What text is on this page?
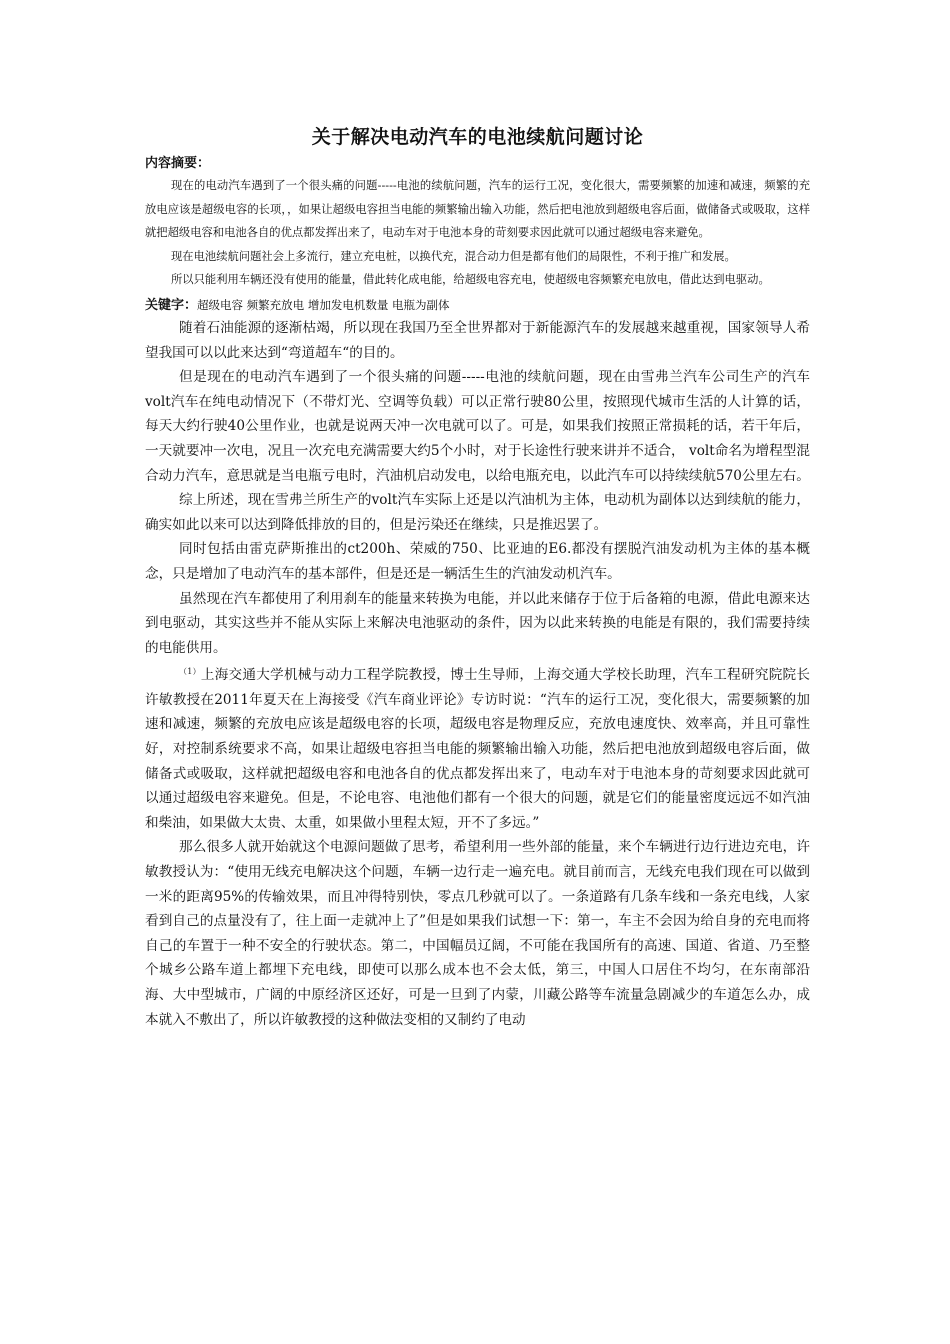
关于解决电动汽车的电池续航问题讨论
内容摘要：

现在的电动汽车遇到了一个很头痛的问题-----电池的续航问题，汽车的运行工况，变化很大，需要频繁的加速和减速，频繁的充放电应该是超级电容的长项，，如果让超级电容担当电能的频繁输出输入功能，然后把电池放到超级电容后面，做储备式或吸取，这样就把超级电容和电池各自的优点都发挥出来了，电动车对于电池本身的苛刻要求因此就可以通过超级电容来避免。

现在电池续航问题社会上多流行，建立充电桩，以换代充，混合动力但是都有他们的局限性，不利于推广和发展。

所以只能利用车辆还没有使用的能量，借此转化成电能，给超级电容充电，使超级电容频繁充电放电，借此达到电驱动。

关键字：超级电容 频繁充放电 增加发电机数量 电瓶为副体

随着石油能源的逐渐枯竭，所以现在我国乃至全世界都对于新能源汽车的发展越来越重视，国家领导人希望我国可以以此来达到“弯道超车“的目的。

但是现在的电动汽车遇到了一个很头痛的问题-----电池的续航问题，现在由雪弗兰汽车公司生产的汽车volt汽车在纯电动情况下（不带灯光、空调等负载）可以正常行驶80公里，按照现代城市生活的人计算的话，每天大约行驶40公里作业，也就是说两天冲一次电就可以了。可是，如果我们按照正常损耗的话，若干年后，一天就要冲一次电，况且一次充电充满需要大约5个小时，对于长途性行驶来讲并不适合， volt命名为增程型混合动力汽车，意思就是当电瓶亏电时，汽油机启动发电，以给电瓶充电，以此汽车可以持续续航570公里左右。

综上所述，现在雪弗兰所生产的volt汽车实际上还是以汽油机为主体，电动机为副体以达到续航的能力，确实如此以来可以达到降低排放的目的，但是污染还在继续，只是推迟罢了。

同时包括由雷克萨斯推出的ct200h、荣威的750、比亚迪的E6.都没有摆脱汽油发动机为主体的基本概念，只是增加了电动汽车的基本部件，但是还是一辆活生生的汽油发动机汽车。

虽然现在汽车都使用了利用刹车的能量来转换为电能，并以此来储存于位于后备箱的电源，借此电源来达到电驱动，其实这些并不能从实际上来解决电池驱动的条件，因为以此来转换的电能是有限的，我们需要持续的电能供用。

$^{(1)}$上海交通大学机械与动力工程学院教授，博士生导师，上海交通大学校长助理，汽车工程研究院院长许敏教授在2011年夏天在上海接受《汽车商业评论》专访时说：“汽车的运行工况，变化很大，需要频繁的加速和减速，频繁的充放电应该是超级电容的长项，超级电容是物理反应，充放电速度快、效率高，并且可靠性好，对控制系统要求不高，如果让超级电容担当电能的频繁输出输入功能，然后把电池放到超级电容后面，做储备式或吸取，这样就把超级电容和电池各自的优点都发挥出来了，电动车对于电池本身的苛刻要求因此就可以通过超级电容来避免。但是，不论电容、电池他们都有一个很大的问题，就是它们的能量密度远远不如汽油和柴油，如果做大太贵、太重，如果做小里程太短，开不了多远。”

那么很多人就开始就这个电源问题做了思考，希望利用一些外部的能量，来个车辆进行边行进边充电，许敏教授认为：“使用无线充电解决这个问题，车辆一边行走一遍充电。就目前而言，无线充电我们现在可以做到一米的距离95%的传输效果，而且冲得特别快，零点几秒就可以了。一条道路有几条车线和一条充电线，人家看到自己的点量没有了，往上面一走就冲上了”但是如果我们试想一下：第一，车主不会因为给自身的充电而将自己的车置于一种不安全的行驶状态。第二，中国幅员辽阔，不可能在我国所有的高速、国道、省道、乃至整个城乡公路车道上都埋下充电线，即使可以那么成本也不会太低，第三，中国人口居住不均匀，在东南部沿海、大中型城市，广阔的中原经济区还好，可是一旦到了内蒙，川藏公路等车流量急剧减少的车道怎么办，成本就入不敷出了，所以许敏教授的这种做法变相的又制约了电动
